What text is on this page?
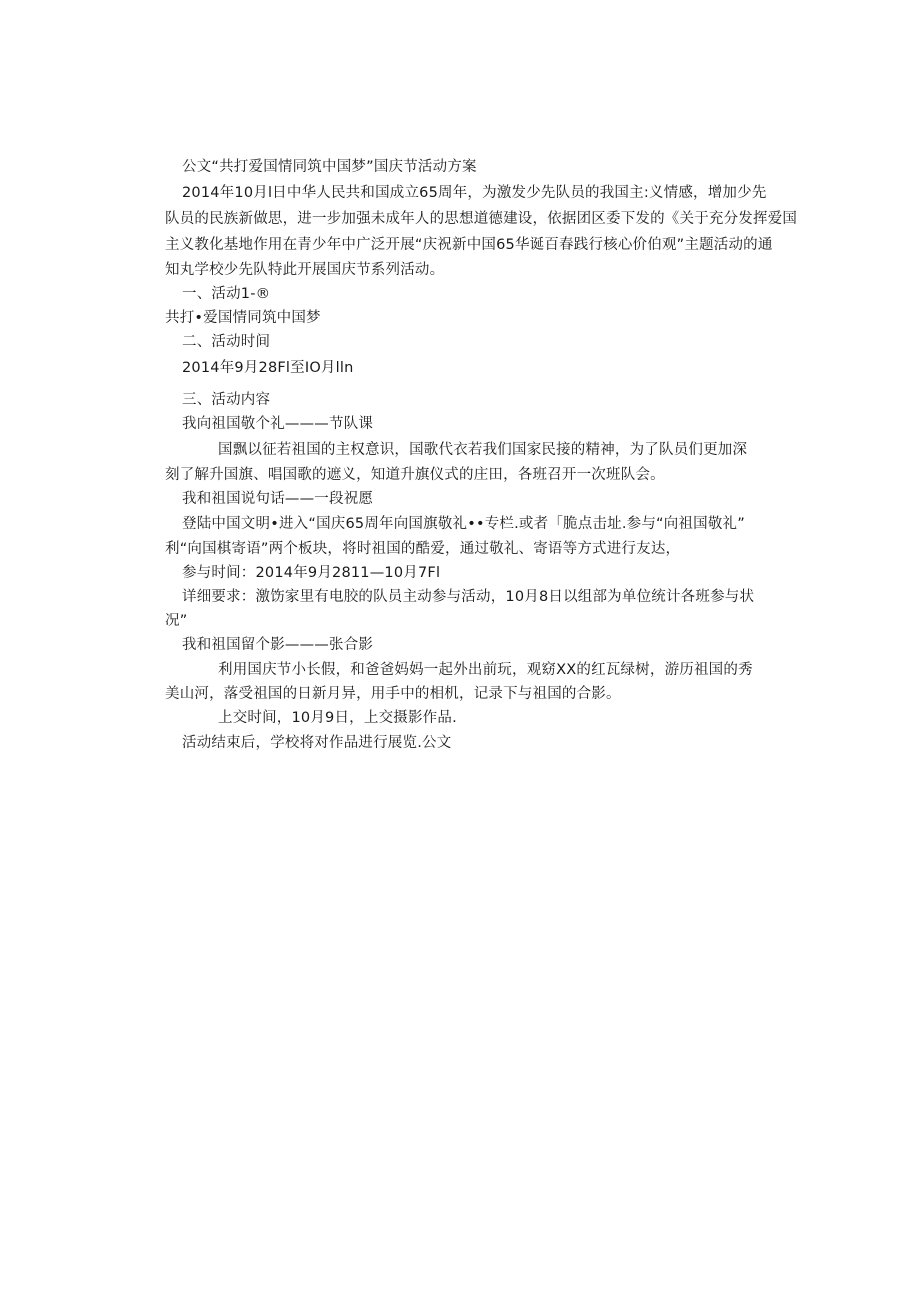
公文“共打爱国情同筑中国梦”国庆节活动方案
2014年10月l日中华人民共和国成立65周年，为激发少先队员的我国主:义情感，增加少先
队员的民族新做思，进一步加强未成年人的思想道德建设，依据团区委下发的《关于充分发挥爱国
主义教化基地作用在青少年中广泛开展“庆祝新中国65华诞百春践行核心价伯观”主题活动的通
知丸学校少先队特此开展国庆节系列活动。
一、活动1-®
共打•爱国情同筑中国梦
二、活动时间
2014年9月28Fl至IO月lln
三、活动内容
我向祖国敬个礼———节队课
国飘以征若祖国的主权意识，国歌代衣若我们国家民接的精神，为了队员们更加深
刻了解升国旗、唱国歌的遮义，知道升旗仪式的庄田，各班召开一次班队会。
我和祖国说句话——一段祝愿
登陆中国文明•进入“国庆65周年向国旗敬礼••专栏.或者「脆点击址.参与“向祖国敬礼”
利“向国棋寄语”两个板块，将时祖国的酷爱，通过敬礼、寄语等方式进行友达，
参与时间：2014年9月2811—10月7Fl
详细要求：激饬家里有电胶的队员主动参与活动，10月8日以组部为单位统计各班参与状
况”
我和祖国留个影———张合影
利用国庆节小长假，和爸爸妈妈一起外出前玩，观窈XX的红瓦绿树，游历祖国的秀
美山河，落受祖国的日新月异，用手中的相机，记录下与祖国的合影。
上交时间，10月9日，上交摄影作品.
活动结束后，学校将对作品进行展览.公文
